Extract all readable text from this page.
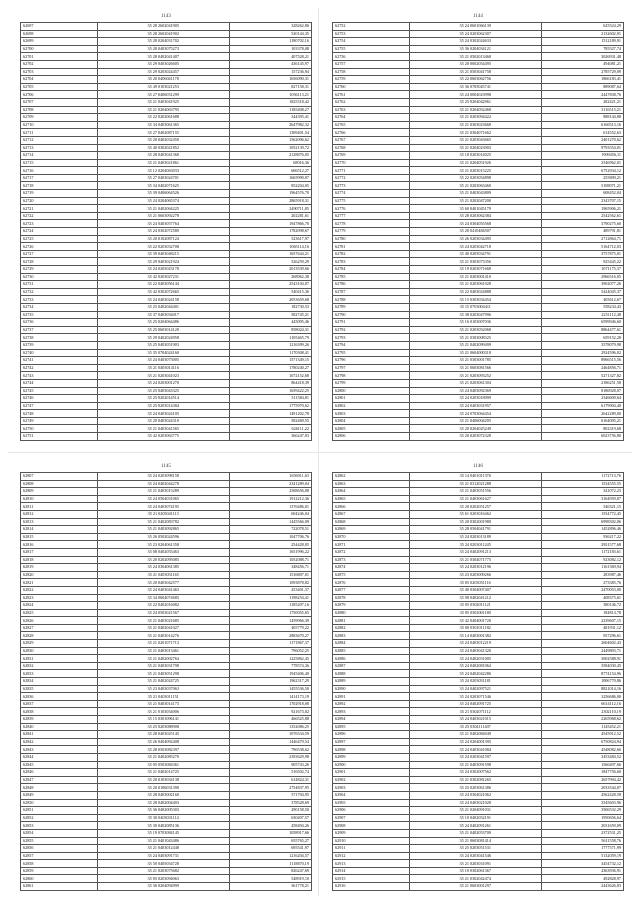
1143
62697	35 28 2602041905	328262,86
62698	35 28 2602041902	520144,35
62699	35 28 0204031702	1180702,16
62700	35 28 0403075273	103378,08
62701	35 28 0402041407	407528,21
62702	35 29 0403026605	436145,97
62703	35 29 0203024457	157236,94
62704	35 20 0406041178	1656090,31
62705	35 49 0103021253	827158,31
62706	35 27 0406031299	1056113,21
62707	35 21 0403041925	1825318,42
62708	35 21 0204063795	1185408,27
62709	35 22 0202061688	344395,41
62710	35 34 0403061365	2647982,32
62711	35 27 0402087155	1309401,54
62712	35 20 0402032450	1562006,62
62713	35 40 0302021852	1052139,72
62714	35 28 0403041368	2128876,05
62715	35 21 0403021861	68016,36
62716	35 12 0204063033	606512,27
62717	35 27 0403024701	1665990,07
62718	35 34 0402071625	852204,05
62719	35 39 0406064526	1964576,70
62720	35 24 0204065374	2865918,31
62721	35 21 0402064225	2490711,85
62722	35 21 0603092278	202281,61
62723	35 24 0403057764	1947866,70
62724	35 24 0302072580	1782098,67
62725	35 20 0102087124	523617,97
62726	35 22 0203032708	1065114,16
62727	35 39 0403048215	1657644,21
62728	35 29 0403021924	526259,29
62729	35 24 0205023178	2013539,66
62730	35 42 0203027231	268962,38
62731	35 22 0403056144	2543104,07
62732	35 42 0302072665	540415,36
62733	35 24 0403024158	2053659,68
62734	35 25 0402044401	182730,53
62735	35 37 0403034017	582745,21
62736	35 25 0204064486	445095,46
62737	35 25 0603014120	858024,31
62738	35 29 0402024958	1105465,79
62739	35 25 0403051903	1216399,26
62740	35 35 0704024160	1170308,41
62741	35 24 0403073005	1571349,15
62742	35 21 0403014116	1780240,27
62743	35 21 0203041023	1072152,68
62744	35 24 0203001270	864418,39
62745	35 25 0403043325	1659422,25
62746	35 25 0202014514	511584,81
62747	35 25 0203014384	1775970,62
62748	35 24 0403024105	1491202,78
62749	35 20 0403024310	582469,55
62750	35 21 0403041565	626111,22
62751	35 42 0203063775	366247,03
1144
62752	35 24 0601066139	625524,29
62753	35 24 0203062307	2132602,91
62754	35 24 0302024633	1512189,91
62755	35 36 0204034121	785527,74
62756	35 21 0502013468	3026931,48
62757	35 20 0002054495	494081,21
62758	35 21 0503041758	2785729,09
62759	35 22 0603062756	1866183,41
62760	35 36 0705045741	889087,64
62761	35 24 0004023998	2447838,76
62762	35 25 0204042961	282421,21
62763	35 21 0204052468	3116515,21
62764	35 21 0203094422	888144,88
62765	35 21 0303023668	6166513,16
62766	35 21 0304071662	614552,63
62767	35 21 0203043665	2401270,62
62768	35 21 0204023003	9793554,01
62769	35 18 0203014025	1909456,11
62770	35 21 0204051926	2546962,01
62771	35 21 0203015225	6752934,12
62772	35 22 0203054898	255809,21
62773	35 21 0203063460	5108071,21
62774	35 21 0403043809	608452,04
62775	35 21 0202047200	2343707,15
62776	35 60 0401045179	1965906,21
62777	35 28 0203062384	2542562,61
62778	35 24 0304055568	3790275,60
62779	35 20 0410484507	489791,81
62780	35 26 0203034495	2712864,71
62781	35 24 0203042718	5164712,03
62782	35 40 0205034791	3757875,01
62783	35 21 0303073356	925445,22
62784	35 19 0203071668	1071175,37
62785	35 21 0203001410	2966516,05
62786	35 21 0203061928	3902077,26
62787	35 22 0403024888	5424045,37
62788	35 15 0303034454	405612,67
62789	35 15 0703004411	558234,43
62790	35 38 0203047996	2251112,48
62791	35 16 0103007036	6599946,60
62792	35 21 0203052068	8864477,61
62793	35 21 0303008325	659152,28
62794	35 21 0402099499	3578079,98
62795	35 21 0604000318	2924596,02
62796	35 21 0303001785	8966515,56
62797	35 21 0603081566	2464856,71
62798	35 21 0203093252	5271327,82
62799	35 21 0203061304	2186251,58
62800	35 24 0403092369	8186928,07
62801	35 24 0203018099	2346600,64
62802	35 24 0403031957	6179904,40
62803	35 24 0703064454	2642289,00
62804	35 21 0406004205	6164095,21
62805	35 20 0204025249	802319,68
62806	35 20 0203072328	6023756,80
1145
62807	35 24 0203098158	1656911,63
62808	35 24 0402044278	2341289,04
62809	35 21 0403015289	2568656,08
62810	35 24 0504031065	1912212,36
62811	35 24 0403074195	1376486,01
62812	35 21 0205041113	604246,04
62813	35 21 0402083782	1445566,09
62814	35 21 0403092865	722078,51
62815	35 26 0502024596	1047706,76
62816	35 23 0204061358	254428,05
62817	35 08 0402055463	1651996,22
62818	35 20 0202095085	1052088,71
62819	35 24 0304061385	348456,71
62820	35 21 0403031165	1516807,01
62821	35 20 0403042577	1093878,82
62822	35 24 0403041463	453401,37
62823	35 34 0604074685	1198254,41
62824	35 22 0402016082	1185207,16
62825	35 24 0503021567	1750055,65
62826	35 21 0403021685	1459966,39
62827	35 21 0402041027	405779,22
62828	35 21 0403014276	2883670,27
62829	35 21 0201071713	1171867,37
62830	35 21 0403013461	796052,25
62831	35 21 0402002764	1225862,45
62832	35 21 0403031798	778574,36
62833	35 21 0403051298	1945406,40
62834	35 21 0402024725	1962317,29
62835	35 23 0403037063	1455536,50
62836	35 21 0403011151	1414173,19
62837	35 21 0403014173	1702918,08
62838	35 21 0103034006	921673,02
62839	35 15 0301096141	466525,88
62840	35 25 0203088908	1352086,25
62841	35 28 0403025145	1076534,59
62842	35 26 0404092408	1446479,54
62843	35 28 0503082397	796538,62
62844	35 21 0402085270	2393629,98
62845	35 05 0503084361	905743,26
62846	35 21 0402014725	516502,74
62847	35 20 0103034138	614824,31
62848	35 20 0106031390	2754837,95
62849	35 28 0403002160	571704,95
62850	35 28 0402004403	378528,69
62851	35 36 0402005303	290158,50
62852	35 30 0403031114	630407,57
62853	35 30 0402085136	458494,26
62854	35 19 0703084145	1058917,66
62855	35 21 0401043486	655765,27
62856	35 21 0403012448	695541,97
62857	35 24 0403091731	1216204,57
62858	35 50 0405054728	1118870,19
62859	35 21 0203075682	826247,69
62860	35 05 0203094063	548919,10
62861	35 36 0204094999	361778,21
1146
62862	35 14 0401011376	1172713,76
62863	35 21 0312021288	1534555,55
62864	35 21 0403051556	341072,23
62865	35 21 0403061627	3164959,07
62866	35 20 0202051257	546321,15
62867	35 61 0203016462	1554772,45
62868	35 20 0302001980	6998302,06
62869	35 28 0504041791	1452896,46
62870	35 24 0203013189	936217,22
62871	35 24 0203011245	2951577,68
62872	35 24 0402091213	1172183,61
62873	35 21 0304071775	923082,12
62874	35 24 0203012196	1161369,94
62875	35 23 0203009266	283987,46
62876	35 05 0203051116	273385,76
62877	35 40 0304007407	2470053,00
62878	35 08 0402041212	408375,61
62879	35 05 0302011121	380146,72
62880	35 05 0302001180	184814,78
62881	35 42 0404001720	2239607,15
62882	35 00 0301011182	481931,12
62883	35 14 0403001382	957296,61
62884	35 24 0403012219	2604602,43
62885	35 24 0403041320	2449803,71
62886	35 24 0402031005	3002588,91
62887	35 24 0402081064	3584030,45
62888	35 24 0402042286	8774154,96
62889	35 24 0203031181	1006770,86
62890	35 24 0402097521	8821014,16
62891	35 24 0203071546	3256686,00
62892	35 24 0402091725	6614112,16
62893	35 21 0302071112	2302110,19
62894	35 24 0403021015	2265968,62
62895	35 25 0304111407	1145452,21
62896	35 21 0402084049	4545912,52
62897	35 24 0204001395	6750824,94
62898	35 24 0403041084	4548082,66
62899	35 24 0203041597	3453484,52
62900	35 21 0403091598	1566497,66
62901	35 24 0302007562	1847756,60
62902	35 21 0302081265	2657994,42
62903	35 25 0203061386	2033544,07
62904	35 24 0304021062	4562428,58
62905	35 24 0403021028	3545603,96
62906	35 21 0204091031	3506532,29
62907	35 10 0402052191	1950656,64
62908	35 24 0402091261	2031659,09
62909	35 21 0402053700	2372531,25
62910	35 21 0603081414	5611558,76
62911	35 25 0203051531	1777571,99
62912	35 24 0203041546	5132059,19
62913	35 21 0203031091	3454732,12
62914	35 10 0302061367	4363936,91
62915	35 21 0302042474	492828,97
62916	35 21 0603001297	2443626,83
